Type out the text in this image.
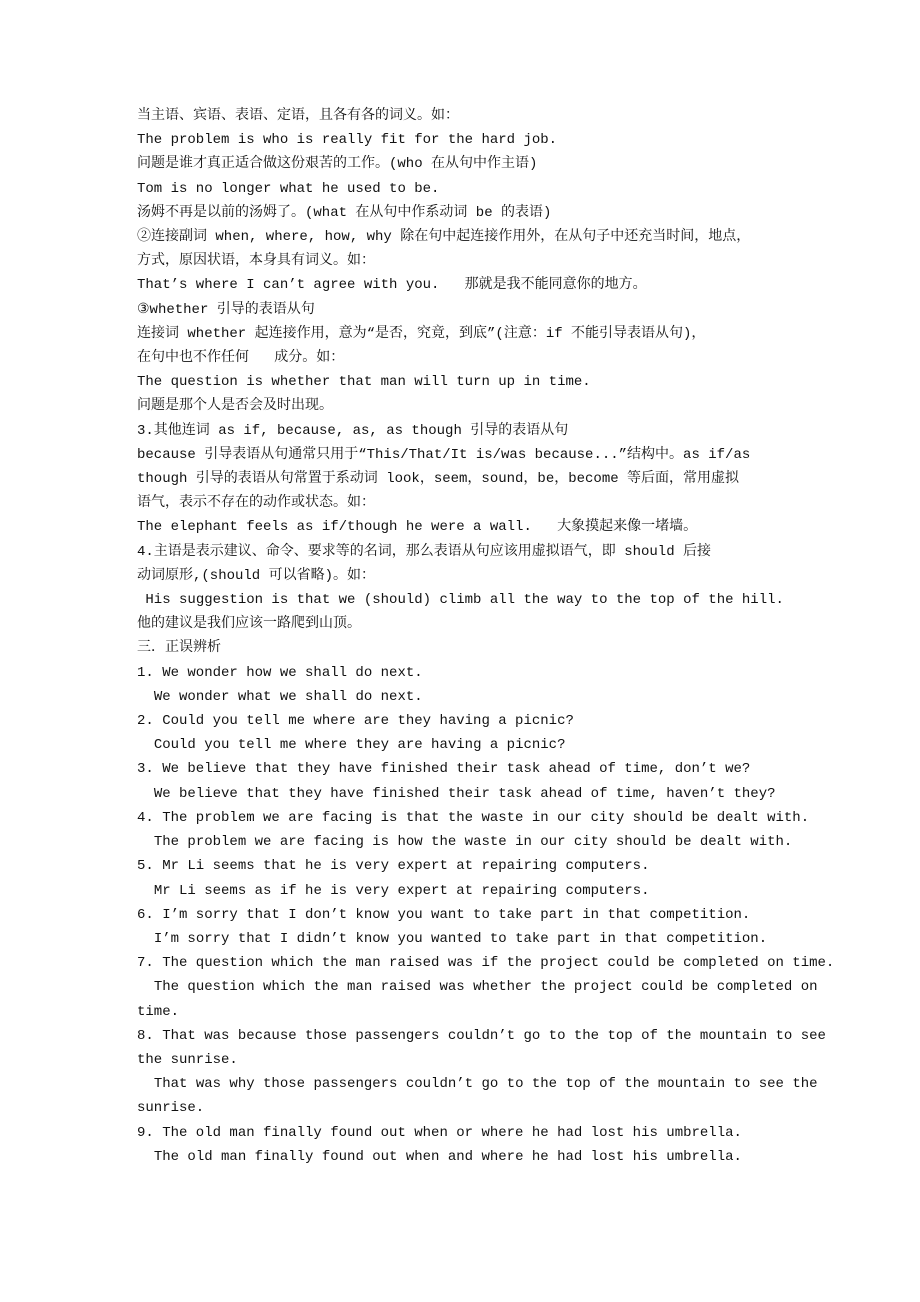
当主语、宾语、表语、定语，且各有各的词义。如：
The problem is who is really fit for the hard job.
问题是谁才真正适合做这份艰苦的工作。(who 在从句中作主语)
Tom is no longer what he used to be.
汤姆不再是以前的汤姆了。(what 在从句中作系动词 be 的表语)
②连接副词 when, where, how, why 除在句中起连接作用外，在从句子中还充当时间，地点，
方式，原因状语，本身具有词义。如：
That’s where I can’t agree with you.   那就是我不能同意你的地方。
③whether 引导的表语从句
连接词 whether 起连接作用，意为“是否，究竟，到底”(注意：if 不能引导表语从句)，
在句中也不作任何   成分。如：
The question is whether that man will turn up in time.
问题是那个人是否会及时出现。
3.其他连词 as if, because, as, as though 引导的表语从句
because 引导表语从句通常只用于“This/That/It is/was because...”结构中。as if/as
though 引导的表语从句常置于系动词 look，seem，sound，be，become 等后面，常用虚拟
语气，表示不存在的动作或状态。如：
The elephant feels as if/though he were a wall.   大象摸起来像一堵墙。
4.主语是表示建议、命令、要求等的名词，那么表语从句应该用虚拟语气，即 should 后接
动词原形,(should 可以省略)。如：
His suggestion is that we (should) climb all the way to the top of the hill.
他的建议是我们应该一路爬到山顶。
三．正误辨析
1. We wonder how we shall do next.
We wonder what we shall do next.
2. Could you tell me where are they having a picnic?
Could you tell me where they are having a picnic?
3. We believe that they have finished their task ahead of time, don’t we?
We believe that they have finished their task ahead of time, haven’t they?
4. The problem we are facing is that the waste in our city should be dealt with.
The problem we are facing is how the waste in our city should be dealt with.
5. Mr Li seems that he is very expert at repairing computers.
Mr Li seems as if he is very expert at repairing computers.
6. I’m sorry that I don’t know you want to take part in that competition.
I’m sorry that I didn’t know you wanted to take part in that competition.
7. The question which the man raised was if the project could be completed on time.
The question which the man raised was whether the project could be completed on
time.
8. That was because those passengers couldn’t go to the top of the mountain to see
the sunrise.
That was why those passengers couldn’t go to the top of the mountain to see the
sunrise.
9. The old man finally found out when or where he had lost his umbrella.
The old man finally found out when and where he had lost his umbrella.
